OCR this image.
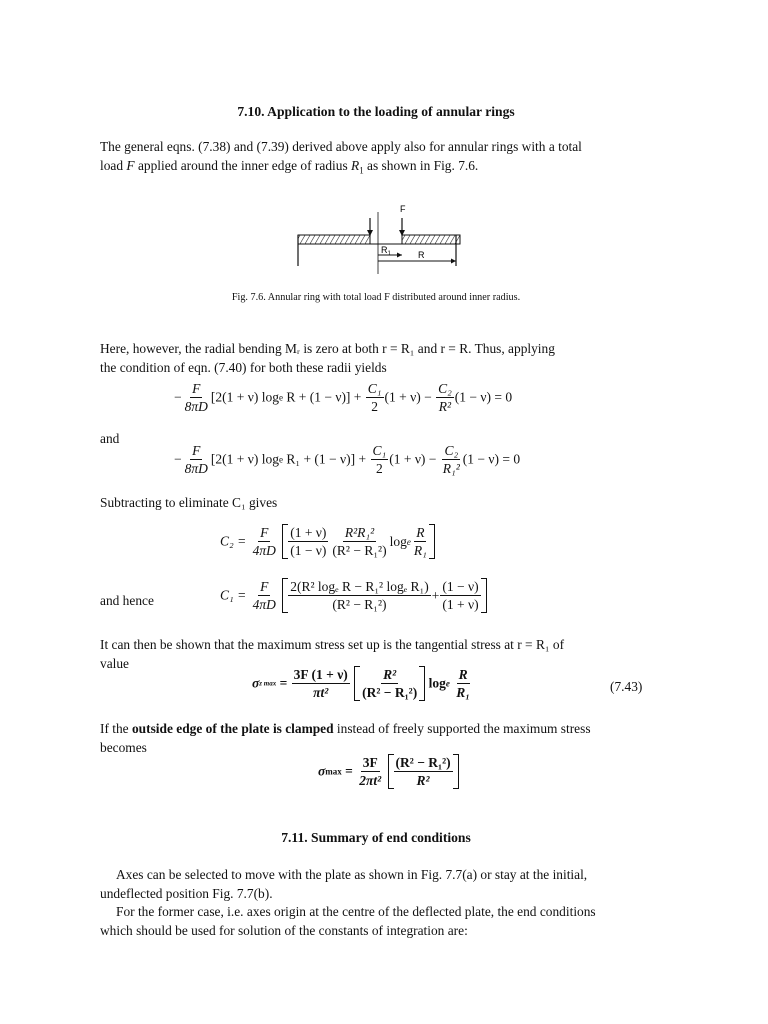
7.10. Application to the loading of annular rings
The general eqns. (7.38) and (7.39) derived above apply also for annular rings with a total
load F applied around the inner edge of radius $R_1$ as shown in Fig. 7.6.
F
$R_1$	R
Fig. 7.6. Annular ring with total load F distributed around inner radius.
Here, however, the radial bending Mᵣ is zero at both r = R₁ and r = R. Thus, applying
the condition of eqn. (7.40) for both these radii yields
− $\frac{F}{8\pi D} [2(1 + \nu)$ loge $R + (1 - \nu)] + \frac{\text{C₁}}{2} (1 + \nu) - \frac{\text{C₂}}{\text{R²}} (1 - \nu) = 0$
and
− $\frac{F}{8\pi D} [2(1 + \nu)$ loge $R_1 + (1 - \nu)] + \frac{\text{C₁}}{2} (1 + \nu) - \frac{\text{C₂}}{\text{R₁²}} (1 - \nu) = 0$
Subtracting to eliminate C₁ gives
$C_2 = \frac{F}{4\pi D}$
$\frac{(1 + \nu)}{(1 - \nu)} \frac{\text{R²R₁²}}{\text{(R² − R₁²)}}$ log e $\frac{R}{\text{R₁}}$
and hence	$C_1 = \frac{F}{4\pi D}$
$\frac{\text{2(R² logₑ R − R₁² logₑ R₁)}}{\text{(R² − R₁²)}} + \frac{(1 - \nu)}{(1 + \nu)}$
It can then be shown that the maximum stress set up is the tangential stress at r = R₁ of
value
σz $\max = \frac{3F (1 + \nu)}{\text{πt²}}$
$\frac{\text{R²}}{\text{(R² − R₁²)}}$ loge $\frac{R}{\text{R₁}}$	(7.43)
If the outside edge of the plate is clamped instead of freely supported the maximum stress
becomes
$\sigma\max = \frac{3F}{\text{2πt²}}$
$\frac{\text{(R² − R₁²)}}{\text{R²}}$
7.11. Summary of end conditions
Axes can be selected to move with the plate as shown in Fig. 7.7(a) or stay at the initial,
undeflected position Fig. 7.7(b).
For the former case, i.e. axes origin at the centre of the deflected plate, the end conditions
which should be used for solution of the constants of integration are:
